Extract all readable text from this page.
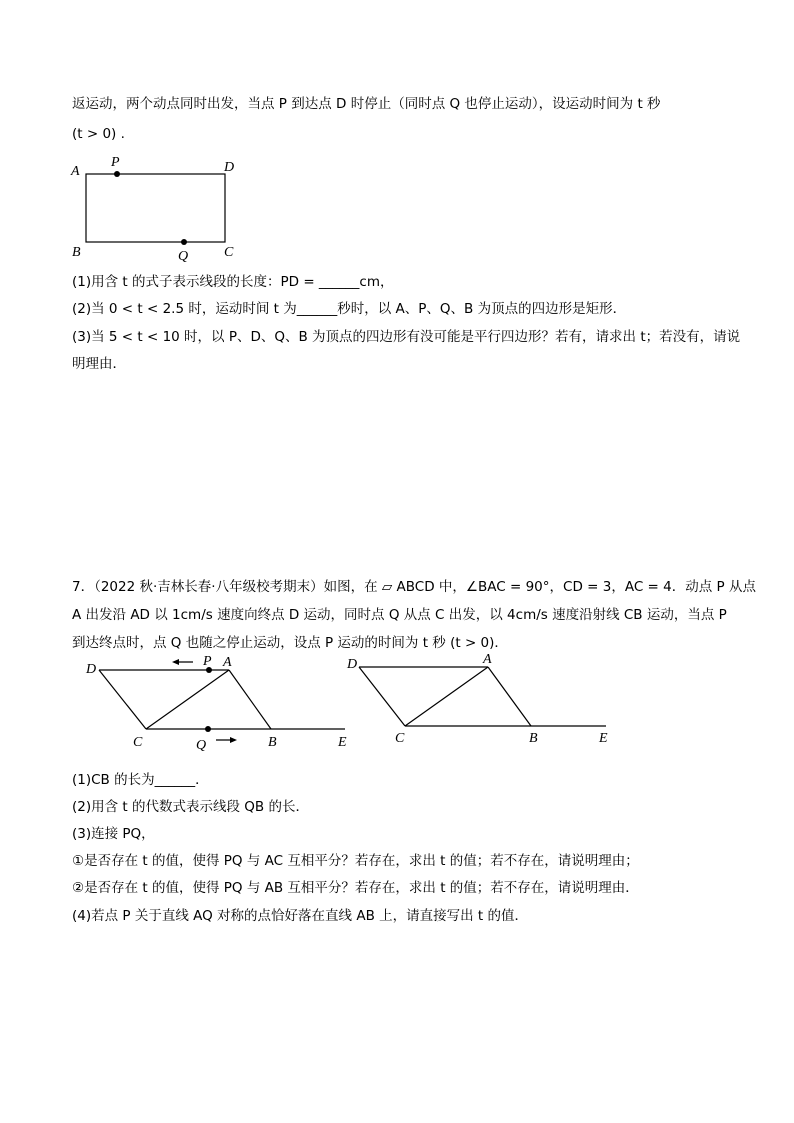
返运动，两个动点同时出发，当点 P 到达点 D 时停止（同时点 Q 也停止运动），设运动时间为 t 秒
(t > 0) .
A
P	D
B	Q	C
D
P A
C	Q	B	E
D	A
C	B	E
(1)用含 t 的式子表示线段的长度：PD = ______cm，
(2)当 0 < t < 2.5 时，运动时间 t 为______秒时，以 A、P、Q、B 为顶点的四边形是矩形．
(3)当 5 < t < 10 时，以 P、D、Q、B 为顶点的四边形有没可能是平行四边形？若有，请求出 t；若没有，请说
明理由．
7．（2022 秋·吉林长春·八年级校考期末）如图，在 ▱ ABCD 中，∠BAC = 90°，CD = 3，AC = 4．动点 P 从点
A 出发沿 AD 以 1cm/s 速度向终点 D 运动，同时点 Q 从点 C 出发，以 4cm/s 速度沿射线 CB 运动，当点 P
到达终点时，点 Q 也随之停止运动，设点 P 运动的时间为 t 秒 (t > 0)．
(1)CB 的长为______．
(2)用含 t 的代数式表示线段 QB 的长．
(3)连接 PQ，
①是否存在 t 的值，使得 PQ 与 AC 互相平分？若存在，求出 t 的值；若不存在，请说明理由；
②是否存在 t 的值，使得 PQ 与 AB 互相平分？若存在，求出 t 的值；若不存在，请说明理由．
(4)若点 P 关于直线 AQ 对称的点恰好落在直线 AB 上，请直接写出 t 的值．
